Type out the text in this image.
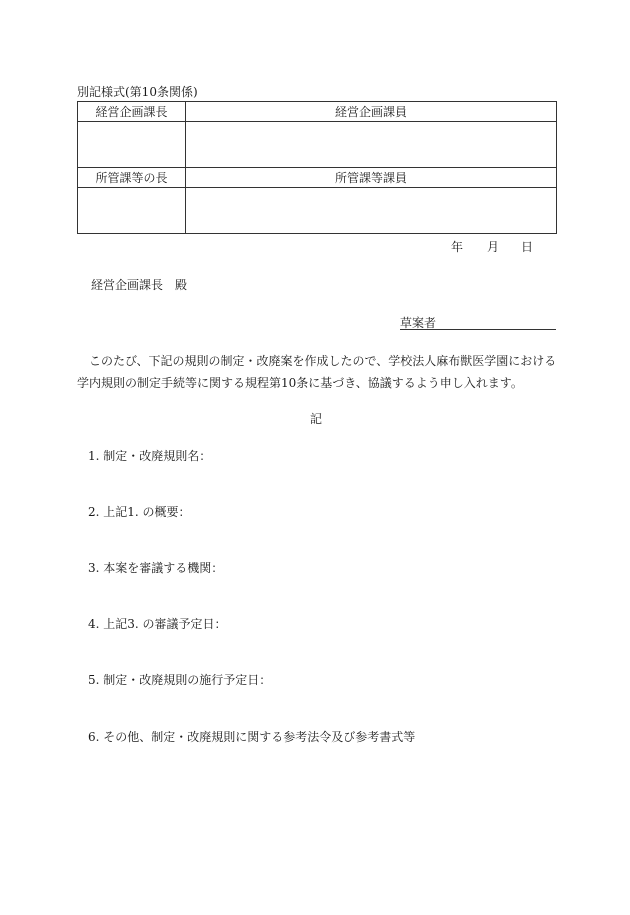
別記様式(第10条関係)
経営企画課長	経営企画課員

所管課等の長	所管課等課員

年 月 日
経営企画課長　殿
草案者

　このたび、下記の規則の制定・改廃案を作成したので、学校法人麻布獣医学園における

学内規則の制定手続等に関する規程第10条に基づき、協議するよう申し入れます。

記
1. 制定・改廃規則名：
2. 上記1. の概要：
3. 本案を審議する機関：
4. 上記3. の審議予定日：
5. 制定・改廃規則の施行予定日：
6. その他、制定・改廃規則に関する参考法令及び参考書式等
